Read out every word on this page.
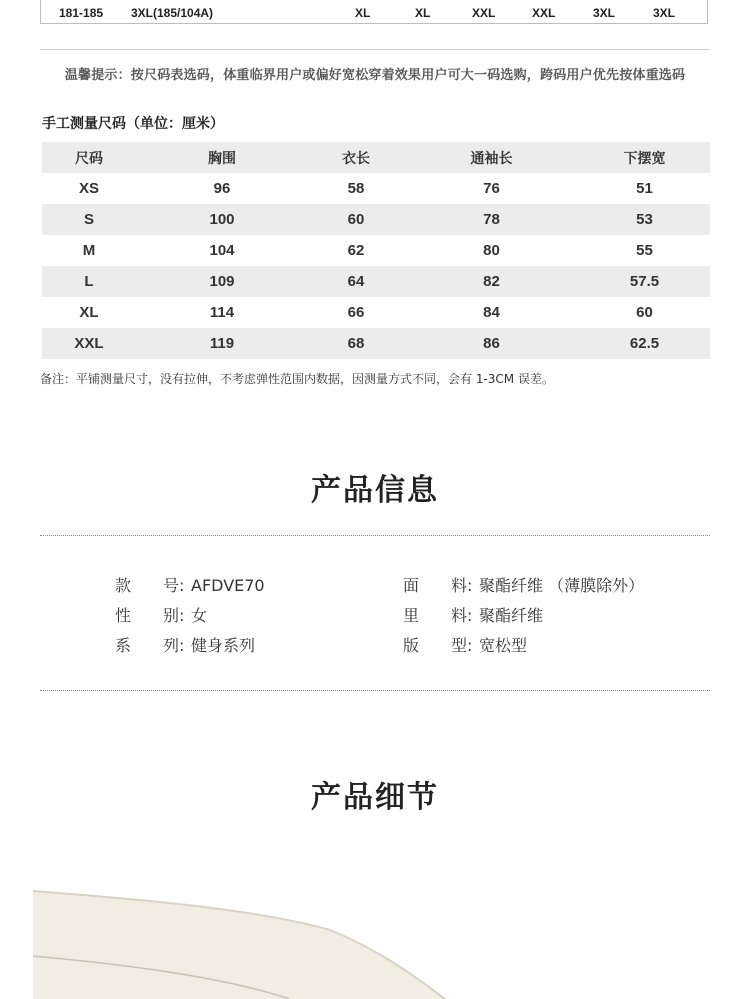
181-185 3XL(185/104A)	XL	XL	XXL	XXL	3XL	3XL
温馨提示：按尺码表选码，体重临界用户或偏好宽松穿着效果用户可大一码选购，跨码用户优先按体重选码
手工测量尺码（单位：厘米）
尺码	胸围	衣长	通袖长	下摆宽
XS	96	58	76	51
S	100	60	78	53
M	104	62	80	55
L	109	64	82	57.5
XL	114	66	84	60
XXL	119	68	86	62.5
备注：平铺测量尺寸，没有拉伸，不考虑弹性范围内数据，因测量方式不同，会有 1-3CM 误差。
产品信息
款　　号: AFDVE70
性　　别: 女
系　　列: 健身系列
面　　料: 聚酯纤维 （薄膜除外）
里　　料: 聚酯纤维
版　　型: 宽松型
产品细节
